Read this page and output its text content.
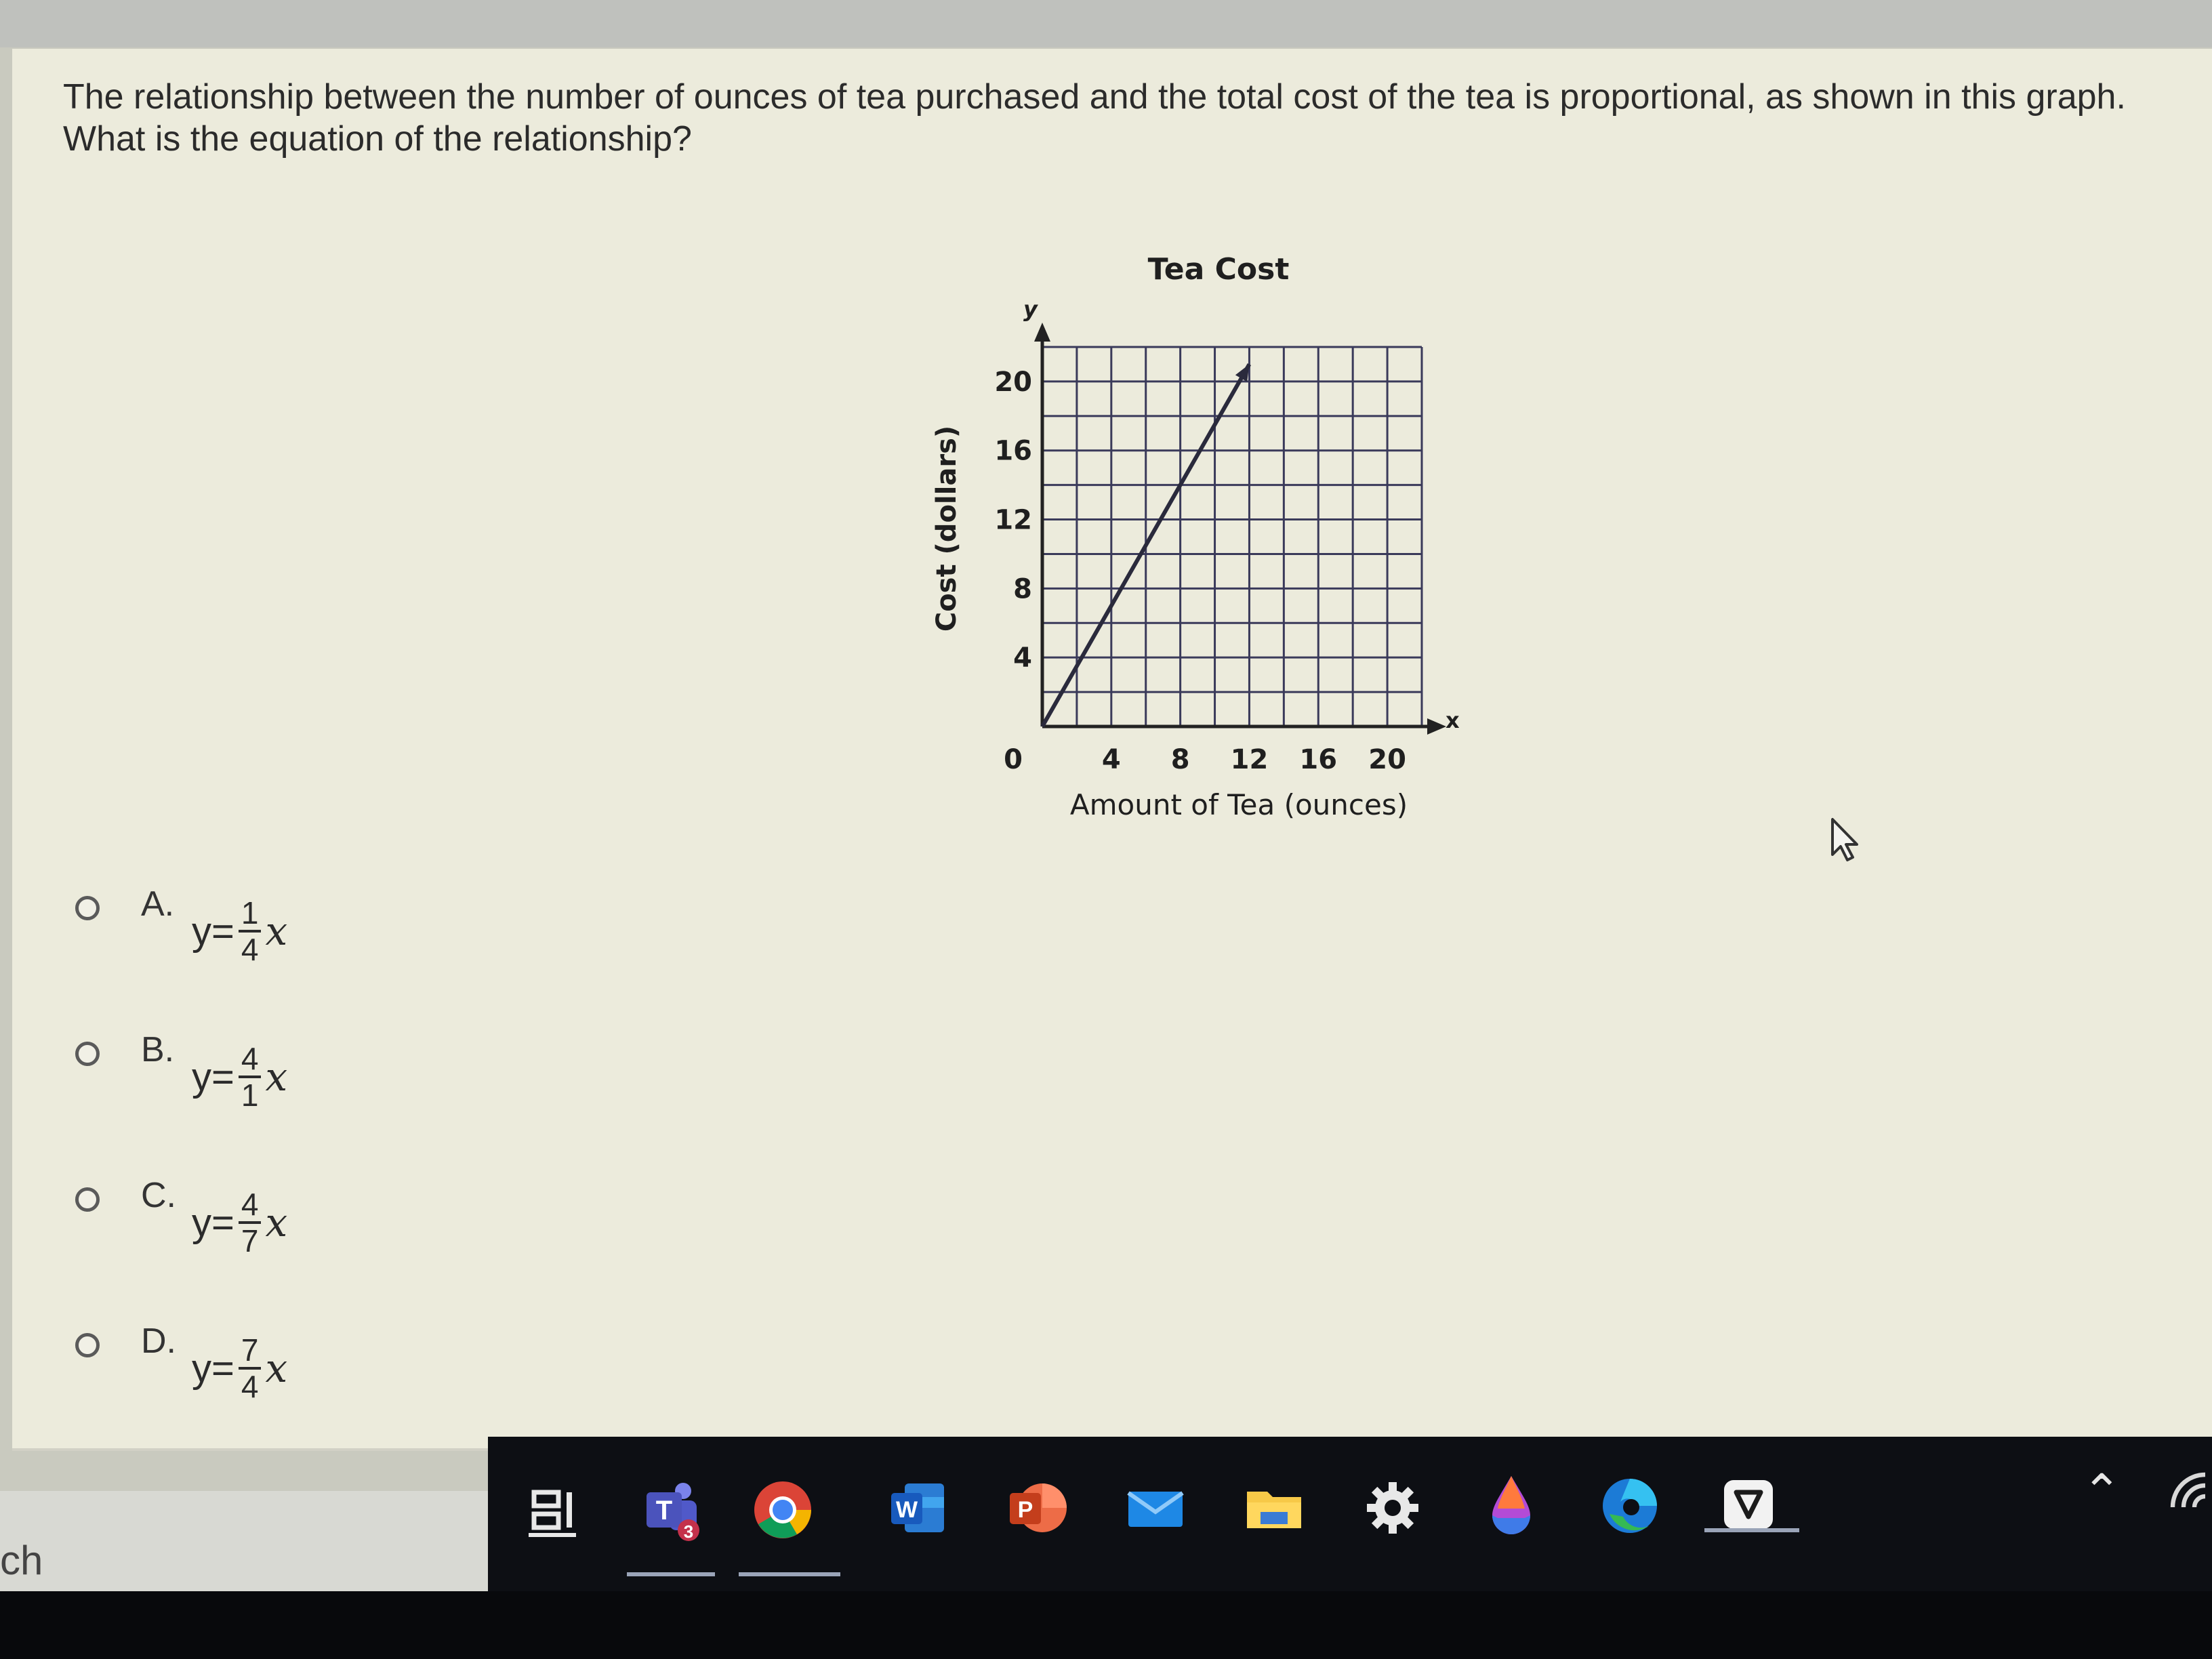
The relationship between the number of ounces of tea purchased and the total cost of the tea is proportional, as shown in this graph.
What is the equation of the relationship?
Tea Cost
y
x
Cost (dollars)
Amount of Tea (ounces)
0	4 8 12 16 20
4
8
12
16
20
A.
$y= \frac{1}{4}$ x
B.
$y= \frac{4}{1}$ x
C.
$y= \frac{4}{7}$ x
D.
$y= \frac{7}{4}$ x
ch
T
3
W	P	⌃
